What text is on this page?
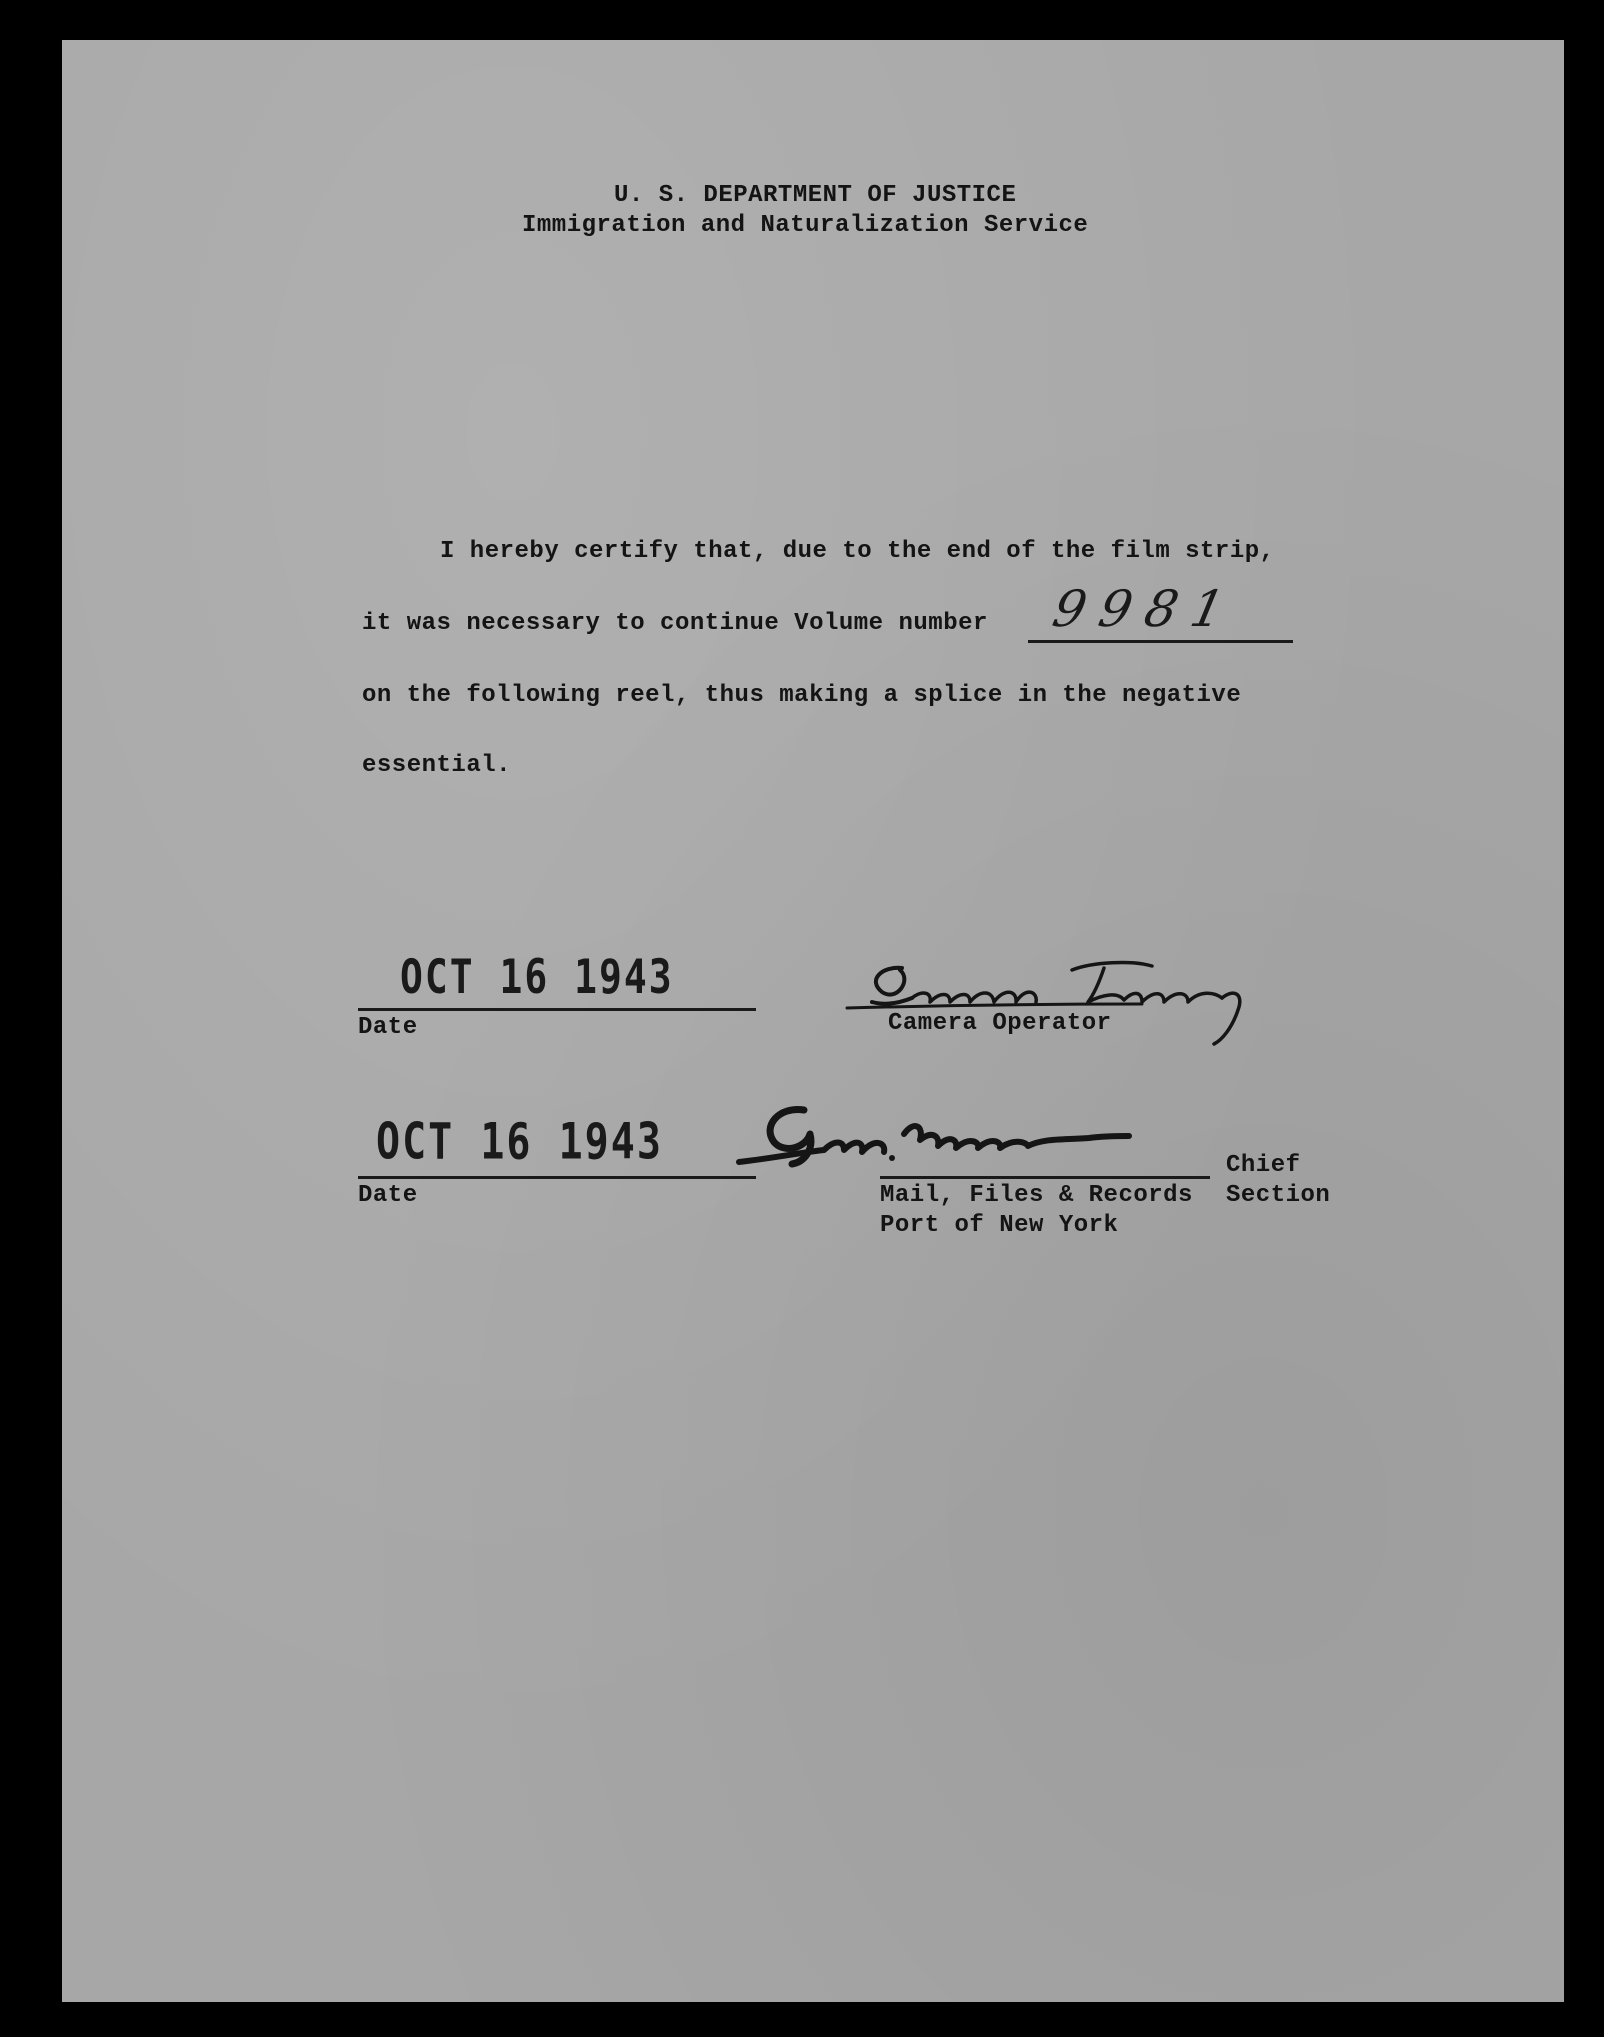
U. S. DEPARTMENT OF JUSTICE
Immigration and Naturalization Service
I hereby certify that, due to the end of the film strip,
it was necessary to continue Volume number 9981
on the following reel, thus making a splice in the negative
essential.
OCT 16 1943
Date	Camera Operator
OCT 16 1943
Date
Chief
Mail, Files & Records Section
Port of New York
